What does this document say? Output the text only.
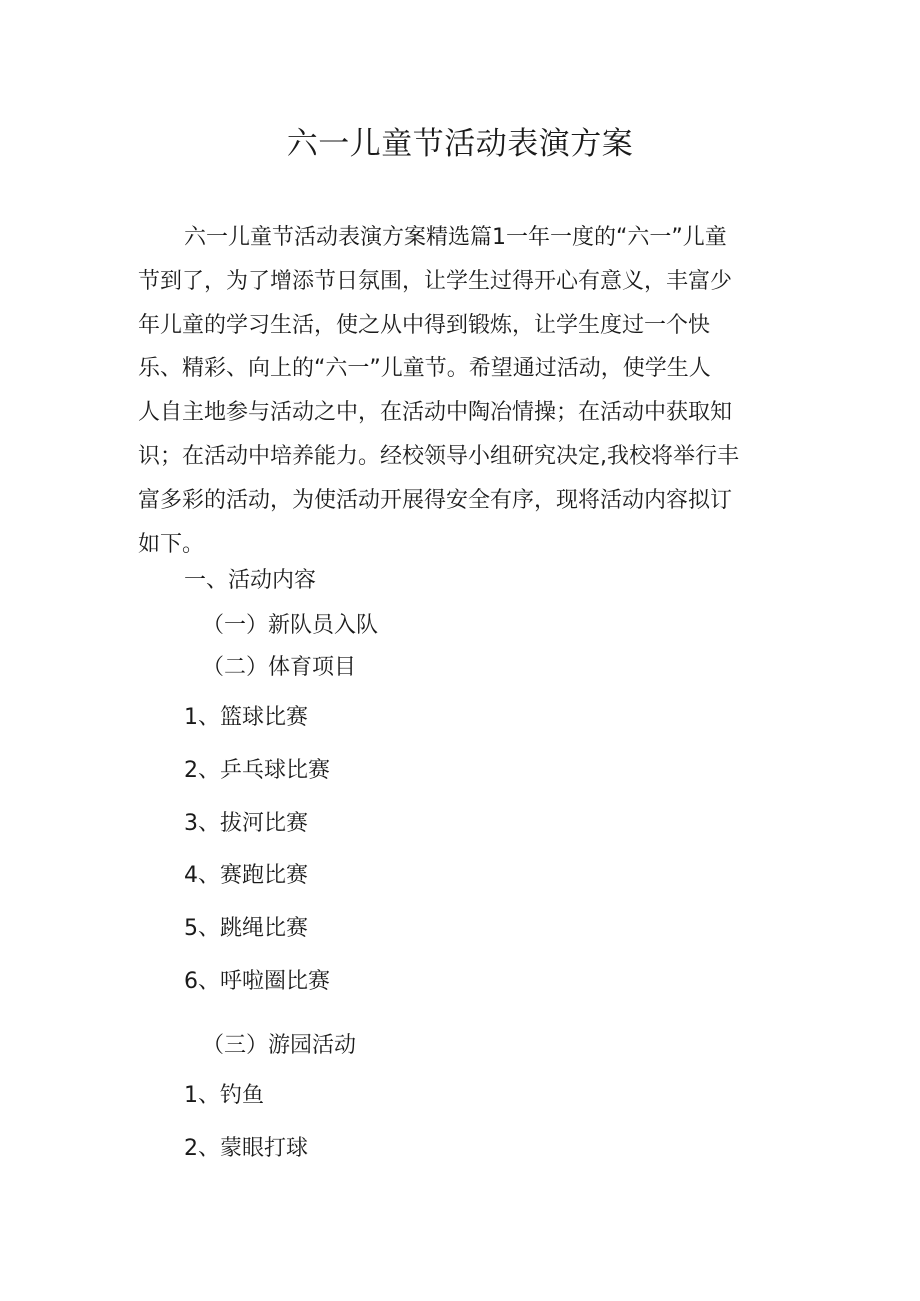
六一儿童节活动表演方案
六一儿童节活动表演方案精选篇1一年一度的“六一”儿童
节到了，为了增添节日氛围，让学生过得开心有意义，丰富少
年儿童的学习生活，使之从中得到锻炼，让学生度过一个快
乐、精彩、向上的“六一”儿童节。希望通过活动，使学生人
人自主地参与活动之中，在活动中陶冶情操；在活动中获取知
识；在活动中培养能力。经校领导小组研究决定,我校将举行丰
富多彩的活动，为使活动开展得安全有序，现将活动内容拟订
如下。
一、活动内容
（一）新队员入队
（二）体育项目
1、篮球比赛
2、乒乓球比赛
3、拔河比赛
4、赛跑比赛
5、跳绳比赛
6、呼啦圈比赛
（三）游园活动
1、钓鱼
2、蒙眼打球
